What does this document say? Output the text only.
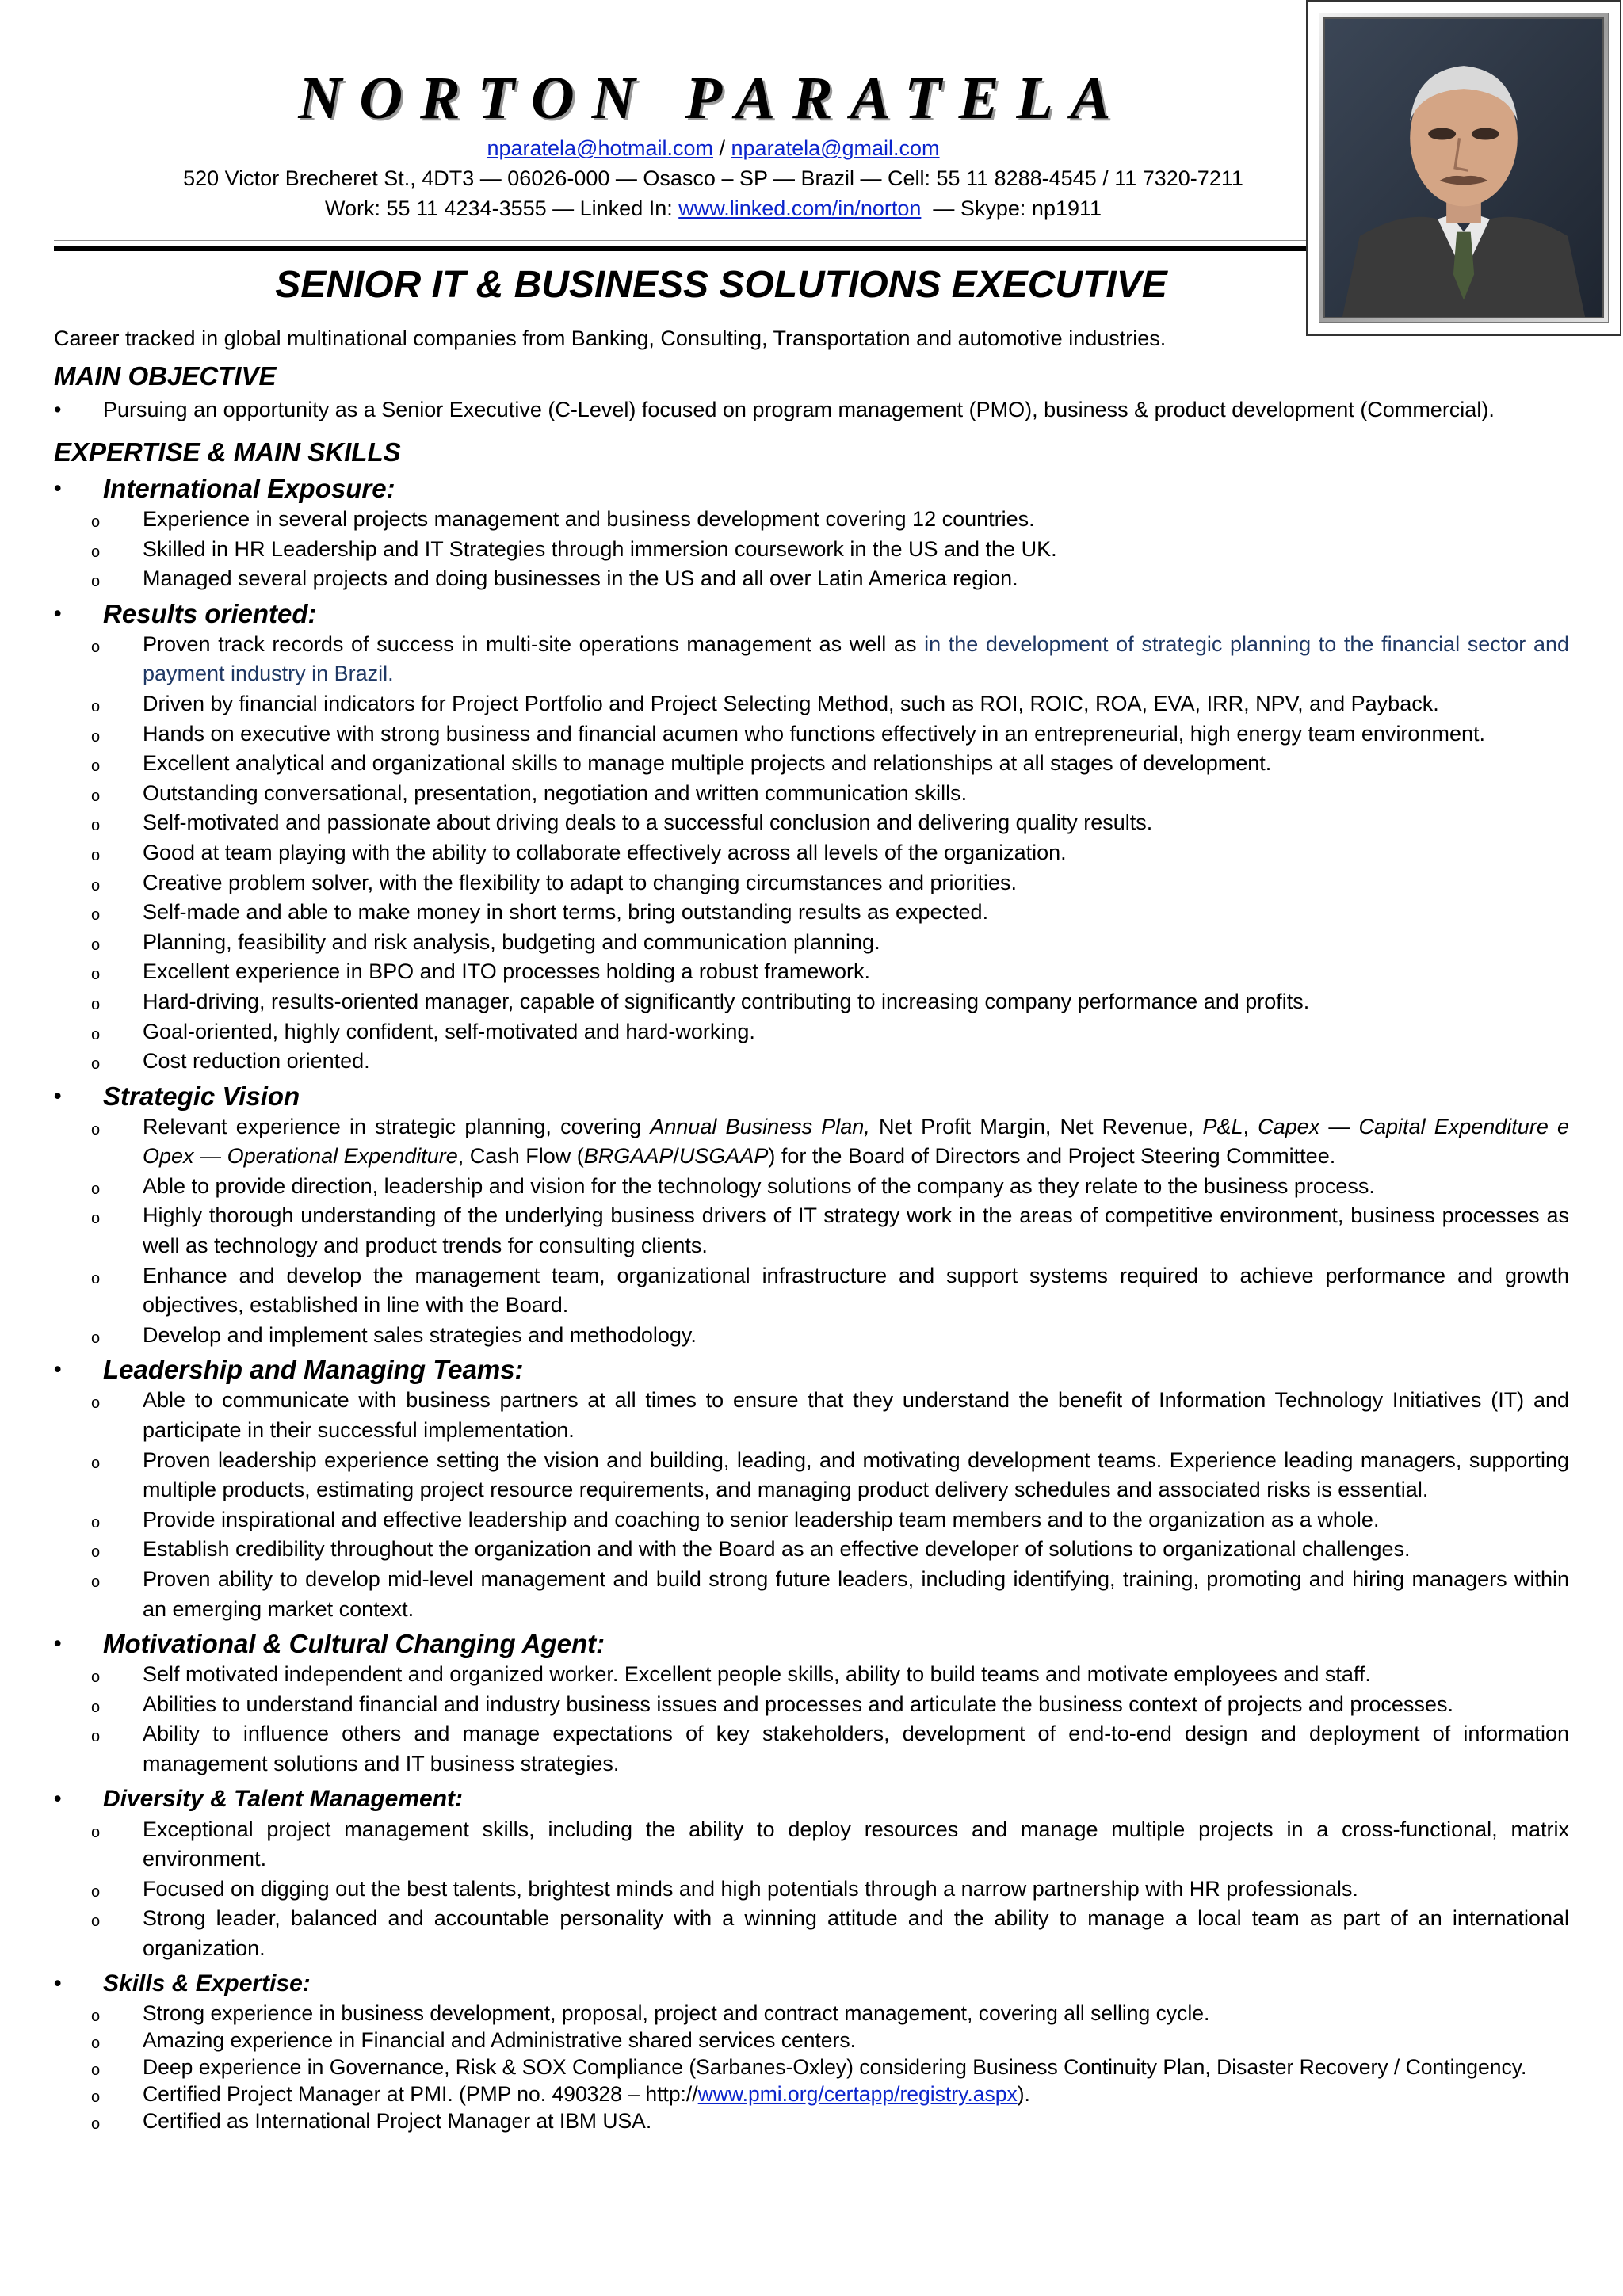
NORTON PARATELA
nparatela@hotmail.com / nparatela@gmail.com
520 Victor Brecheret St., 4DT3 — 06026-000 — Osasco – SP — Brazil — Cell: 55 11 8288-4545 / 11 7320-7211
Work: 55 11 4234-3555 — Linked In: www.linked.com/in/norton  — Skype: np1911
SENIOR IT & BUSINESS SOLUTIONS EXECUTIVE
Career tracked in global multinational companies from Banking, Consulting, Transportation and automotive industries.
MAIN OBJECTIVE
• Pursuing an opportunity as a Senior Executive (C-Level) focused on program management (PMO), business & product development (Commercial).
EXPERTISE & MAIN SKILLS
• International Exposure:
o Experience in several projects management and business development covering 12 countries.
o Skilled in HR Leadership and IT Strategies through immersion coursework in the US and the UK.
o Managed several projects and doing businesses in the US and all over Latin America region.
• Results oriented:
o Proven track records of success in multi-site operations management as well as in the development of strategic planning to the financial sector and payment industry in Brazil.
o Driven by financial indicators for Project Portfolio and Project Selecting Method, such as ROI, ROIC, ROA, EVA, IRR, NPV, and Payback.
o Hands on executive with strong business and financial acumen who functions effectively in an entrepreneurial, high energy team environment.
o Excellent analytical and organizational skills to manage multiple projects and relationships at all stages of development.
o Outstanding conversational, presentation, negotiation and written communication skills.
o Self-motivated and passionate about driving deals to a successful conclusion and delivering quality results.
o Good at team playing with the ability to collaborate effectively across all levels of the organization.
o Creative problem solver, with the flexibility to adapt to changing circumstances and priorities.
o Self-made and able to make money in short terms, bring outstanding results as expected.
o Planning, feasibility and risk analysis, budgeting and communication planning.
o Excellent experience in BPO and ITO processes holding a robust framework.
o Hard-driving, results-oriented manager, capable of significantly contributing to increasing company performance and profits.
o Goal-oriented, highly confident, self-motivated and hard-working.
o Cost reduction oriented.
• Strategic Vision
o Relevant experience in strategic planning, covering Annual Business Plan, Net Profit Margin, Net Revenue, P&L, Capex — Capital Expenditure e Opex — Operational Expenditure, Cash Flow (BRGAAP/USGAAP) for the Board of Directors and Project Steering Committee.
o Able to provide direction, leadership and vision for the technology solutions of the company as they relate to the business process.
o Highly thorough understanding of the underlying business drivers of IT strategy work in the areas of competitive environment, business processes as well as technology and product trends for consulting clients.
o Enhance and develop the management team, organizational infrastructure and support systems required to achieve performance and growth objectives, established in line with the Board.
o Develop and implement sales strategies and methodology.
• Leadership and Managing Teams:
o Able to communicate with business partners at all times to ensure that they understand the benefit of Information Technology Initiatives (IT) and participate in their successful implementation.
o Proven leadership experience setting the vision and building, leading, and motivating development teams. Experience leading managers, supporting multiple products, estimating project resource requirements, and managing product delivery schedules and associated risks is essential.
o Provide inspirational and effective leadership and coaching to senior leadership team members and to the organization as a whole.
o Establish credibility throughout the organization and with the Board as an effective developer of solutions to organizational challenges.
o Proven ability to develop mid-level management and build strong future leaders, including identifying, training, promoting and hiring managers within an emerging market context.
• Motivational & Cultural Changing Agent:
o Self motivated independent and organized worker. Excellent people skills, ability to build teams and motivate employees and staff.
o Abilities to understand financial and industry business issues and processes and articulate the business context of projects and processes.
o Ability to influence others and manage expectations of key stakeholders, development of end-to-end design and deployment of information management solutions and IT business strategies.
• Diversity & Talent Management:
o Exceptional project management skills, including the ability to deploy resources and manage multiple projects in a cross-functional, matrix environment.
o Focused on digging out the best talents, brightest minds and high potentials through a narrow partnership with HR professionals.
o Strong leader, balanced and accountable personality with a winning attitude and the ability to manage a local team as part of an international organization.
• Skills & Expertise:
o Strong experience in business development, proposal, project and contract management, covering all selling cycle.
o Amazing experience in Financial and Administrative shared services centers.
o Deep experience in Governance, Risk & SOX Compliance (Sarbanes-Oxley) considering Business Continuity Plan, Disaster Recovery / Contingency.
o Certified Project Manager at PMI. (PMP no. 490328 – http://www.pmi.org/certapp/registry.aspx).
o Certified as International Project Manager at IBM USA.
